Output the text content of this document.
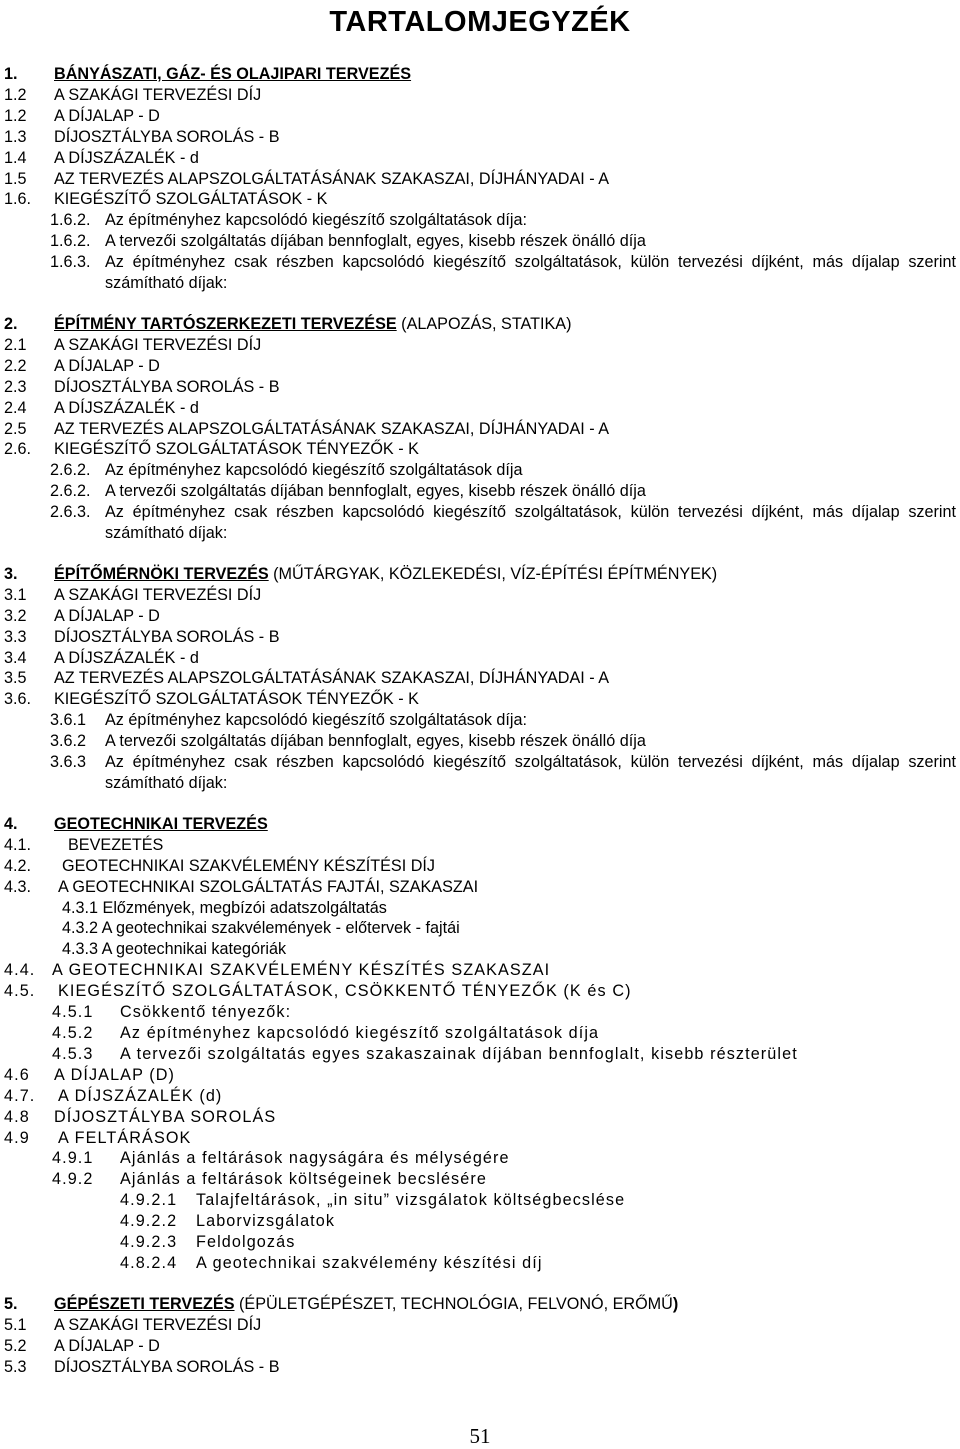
TARTALOMJEGYZÉK
1. BÁNYÁSZATI, GÁZ- ÉS OLAJIPARI TERVEZÉS
1.2	A SZAKÁGI TERVEZÉSI DÍJ
1.2	A DÍJALAP - D
1.3	DÍJOSZTÁLYBA SOROLÁS - B
1.4	A DÍJSZÁZALÉK - d
1.5	AZ TERVEZÉS ALAPSZOLGÁLTATÁSÁNAK SZAKASZAI, DÍJHÁNYADAI - A
1.6.	KIEGÉSZÍTŐ SZOLGÁLTATÁSOK - K
1.6.2. Az építményhez kapcsolódó kiegészítő szolgáltatások díja:
1.6.2. A tervezői szolgáltatás díjában bennfoglalt, egyes, kisebb részek önálló díja
1.6.3. Az építményhez csak részben kapcsolódó kiegészítő szolgáltatások, külön tervezési díjként, más díjalap szerint számítható díjak:
2. ÉPÍTMÉNY TARTÓSZERKEZETI TERVEZÉSE (ALAPOZÁS, STATIKA)
2.1	A SZAKÁGI TERVEZÉSI DÍJ
2.2	A DÍJALAP - D
2.3	DÍJOSZTÁLYBA SOROLÁS - B
2.4	A DÍJSZÁZALÉK - d
2.5	AZ TERVEZÉS ALAPSZOLGÁLTATÁSÁNAK SZAKASZAI, DÍJHÁNYADAI - A
2.6.	KIEGÉSZÍTŐ SZOLGÁLTATÁSOK TÉNYEZŐK - K
2.6.2. Az építményhez kapcsolódó kiegészítő szolgáltatások díja
2.6.2. A tervezői szolgáltatás díjában bennfoglalt, egyes, kisebb részek önálló díja
2.6.3. Az építményhez csak részben kapcsolódó kiegészítő szolgáltatások, külön tervezési díjként, más díjalap szerint számítható díjak:
3. ÉPÍTŐMÉRNÖKI TERVEZÉS (MŰTÁRGYAK, KÖZLEKEDÉSI, VÍZ-ÉPÍTÉSI ÉPÍTMÉNYEK)
3.1	A SZAKÁGI TERVEZÉSI DÍJ
3.2	A DÍJALAP - D
3.3	DÍJOSZTÁLYBA SOROLÁS - B
3.4	A DÍJSZÁZALÉK - d
3.5	AZ TERVEZÉS ALAPSZOLGÁLTATÁSÁNAK SZAKASZAI, DÍJHÁNYADAI - A
3.6.	KIEGÉSZÍTŐ SZOLGÁLTATÁSOK TÉNYEZŐK - K
3.6.1	Az építményhez kapcsolódó kiegészítő szolgáltatások díja:
3.6.2	A tervezői szolgáltatás díjában bennfoglalt, egyes, kisebb részek önálló díja
3.6.3	Az építményhez csak részben kapcsolódó kiegészítő szolgáltatások, külön tervezési díjként, más díjalap szerint számítható díjak:
4. GEOTECHNIKAI TERVEZÉS
4.1.	BEVEZETÉS
4.2.	GEOTECHNIKAI SZAKVÉLEMÉNY KÉSZÍTÉSI DÍJ
4.3.	A GEOTECHNIKAI SZOLGÁLTATÁS FAJTÁI, SZAKASZAI
4.3.1 Előzmények, megbízói adatszolgáltatás
4.3.2 A geotechnikai szakvélemények - előtervek - fajtái
4.3.3 A geotechnikai kategóriák
4.4.	A GEOTECHNIKAI SZAKVÉLEMÉNY KÉSZÍTÉS SZAKASZAI
4.5.	KIEGÉSZÍTŐ SZOLGÁLTATÁSOK, CSÖKKENTŐ TÉNYEZŐK (K és C)
4.5.1	Csökkentő tényezők:
4.5.2	Az építményhez kapcsolódó kiegészítő szolgáltatások díja
4.5.3	A tervezői szolgáltatás egyes szakaszainak díjában bennfoglalt, kisebb részterület
4.6	A DÍJALAP (D)
4.7.	A DÍJSZÁZALÉK (d)
4.8	DÍJOSZTÁLYBA SOROLÁS
4.9	A FELTÁRÁSOK
4.9.1	Ajánlás a feltárások nagyságára és mélységére
4.9.2	Ajánlás a feltárások költségeinek becslésére
4.9.2.1	Talajfeltárások, „in situ” vizsgálatok költségbecslése
4.9.2.2	Laborvizsgálatok
4.9.2.3	Feldolgozás
4.8.2.4	A geotechnikai szakvélemény készítési díj
5. GÉPÉSZETI TERVEZÉS (ÉPÜLETGÉPÉSZET, TECHNOLÓGIA, FELVONÓ, ERŐMŰ)
5.1	A SZAKÁGI TERVEZÉSI DÍJ
5.2	A DÍJALAP - D
5.3	DÍJOSZTÁLYBA SOROLÁS - B
51
